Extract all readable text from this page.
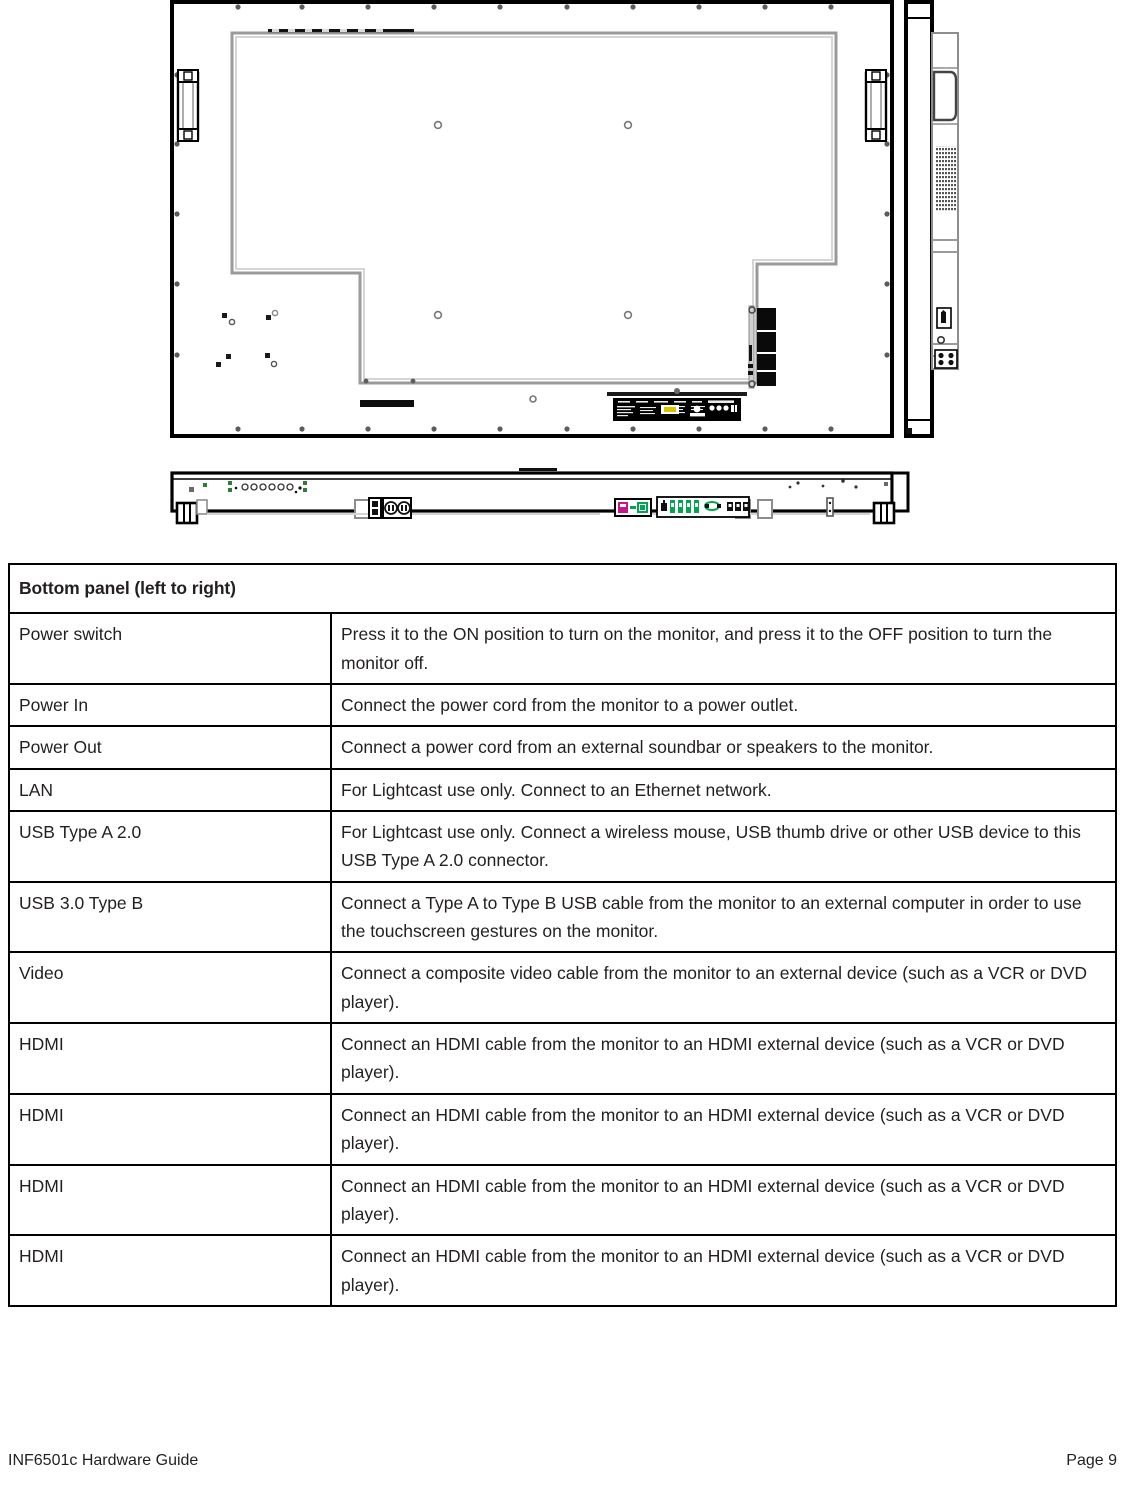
Bottom panel (left to right)	
Power switch	Press it to the ON position to turn on the monitor, and press it to the OFF position to turn the monitor off.
Power In	Connect the power cord from the monitor to a power outlet.
Power Out	Connect a power cord from an external soundbar or speakers to the monitor.
LAN	For Lightcast use only. Connect to an Ethernet network.
USB Type A 2.0	For Lightcast use only. Connect a wireless mouse, USB thumb drive or other USB device to this USB Type A 2.0 connector.
USB 3.0 Type B	Connect a Type A to Type B USB cable from the monitor to an external computer in order to use the touchscreen gestures on the monitor.
Video	Connect a composite video cable from the monitor to an external device (such as a VCR or DVD player).
HDMI	Connect an HDMI cable from the monitor to an HDMI external device (such as a VCR or DVD player).
HDMI	Connect an HDMI cable from the monitor to an HDMI external device (such as a VCR or DVD player).
HDMI	Connect an HDMI cable from the monitor to an HDMI external device (such as a VCR or DVD player).
HDMI	Connect an HDMI cable from the monitor to an HDMI external device (such as a VCR or DVD player).
INF6501c Hardware Guide	Page 9
